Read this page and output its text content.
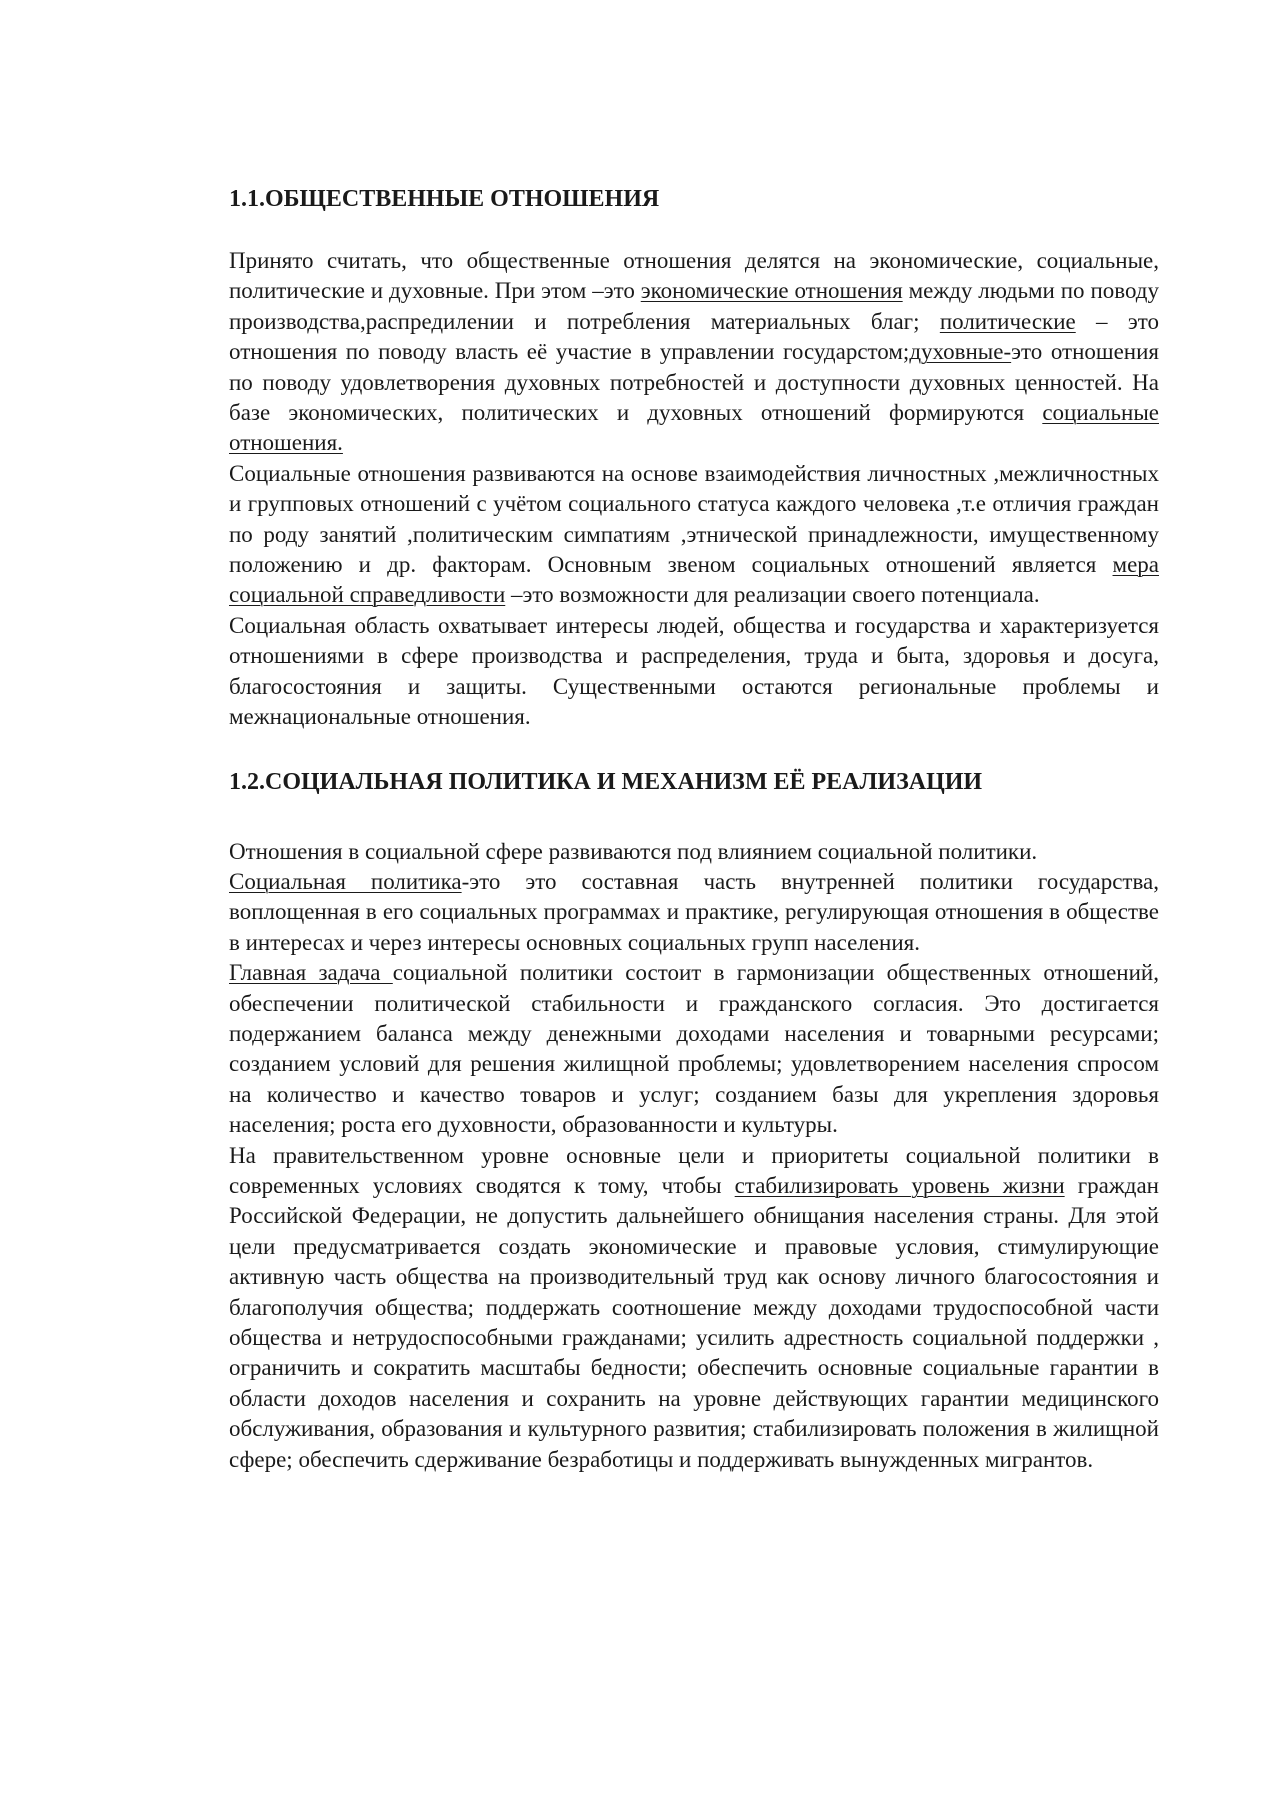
1.1.ОБЩЕСТВЕННЫЕ ОТНОШЕНИЯ

Принято считать, что общественные отношения делятся на экономические, социальные, политические и духовные. При этом –это экономические отношения между людьми по поводу производства,распредилении и потребления материальных благ; политические – это отношения по поводу власть её участие в управлении государстом;духовные-это отношения по поводу удовлетворения духовных потребностей и доступности духовных ценностей. На базе экономических, политических и духовных отношений формируются социальные отношения.

Социальные отношения развиваются на основе взаимодействия личностных ,межличностных и групповых отношений с учётом социального статуса каждого человека ,т.е отличия граждан по роду занятий ,политическим симпатиям ,этнической принадлежности, имущественному положению и др. факторам. Основным звеном социальных отношений является мера социальной справедливости –это возможности для реализации своего потенциала.

Социальная область охватывает интересы людей, общества и государства и характеризуется отношениями в сфере производства и распределения, труда и быта, здоровья и досуга, благосостояния и защиты. Существенными остаются региональные проблемы и межнациональные отношения.

1.2.СОЦИАЛЬНАЯ ПОЛИТИКА И МЕХАНИЗМ ЕЁ РЕАЛИЗАЦИИ

Отношения в социальной сфере развиваются под влиянием социальной политики.

Социальная политика-это это составная часть внутренней политики государства, воплощенная в его социальных программах и практике, регулирующая отношения в обществе в интересах и через интересы основных социальных групп населения.

Главная задача социальной политики состоит в гармонизации общественных отношений, обеспечении политической стабильности и гражданского согласия. Это достигается подержанием баланса между денежными доходами населения и товарными ресурсами; созданием условий для решения жилищной проблемы; удовлетворением населения спросом на количество и качество товаров и услуг; созданием базы для укрепления здоровья населения; роста его духовности, образованности и культуры.

На правительственном уровне основные цели и приоритеты социальной политики в современных условиях сводятся к тому, чтобы стабилизировать уровень жизни граждан Российской Федерации, не допустить дальнейшего обнищания населения страны. Для этой цели предусматривается создать экономические и правовые условия, стимулирующие активную часть общества на производительный труд как основу личного благосостояния и благополучия общества; поддержать соотношение между доходами трудоспособной части общества и нетрудоспособными гражданами; усилить адрестность социальной поддержки , ограничить и сократить масштабы бедности; обеспечить основные социальные гарантии в области доходов населения и сохранить на уровне действующих гарантии медицинского обслуживания, образования и культурного развития; стабилизировать положения в жилищной сфере; обеспечить сдерживание безработицы и поддерживать вынужденных мигрантов.
